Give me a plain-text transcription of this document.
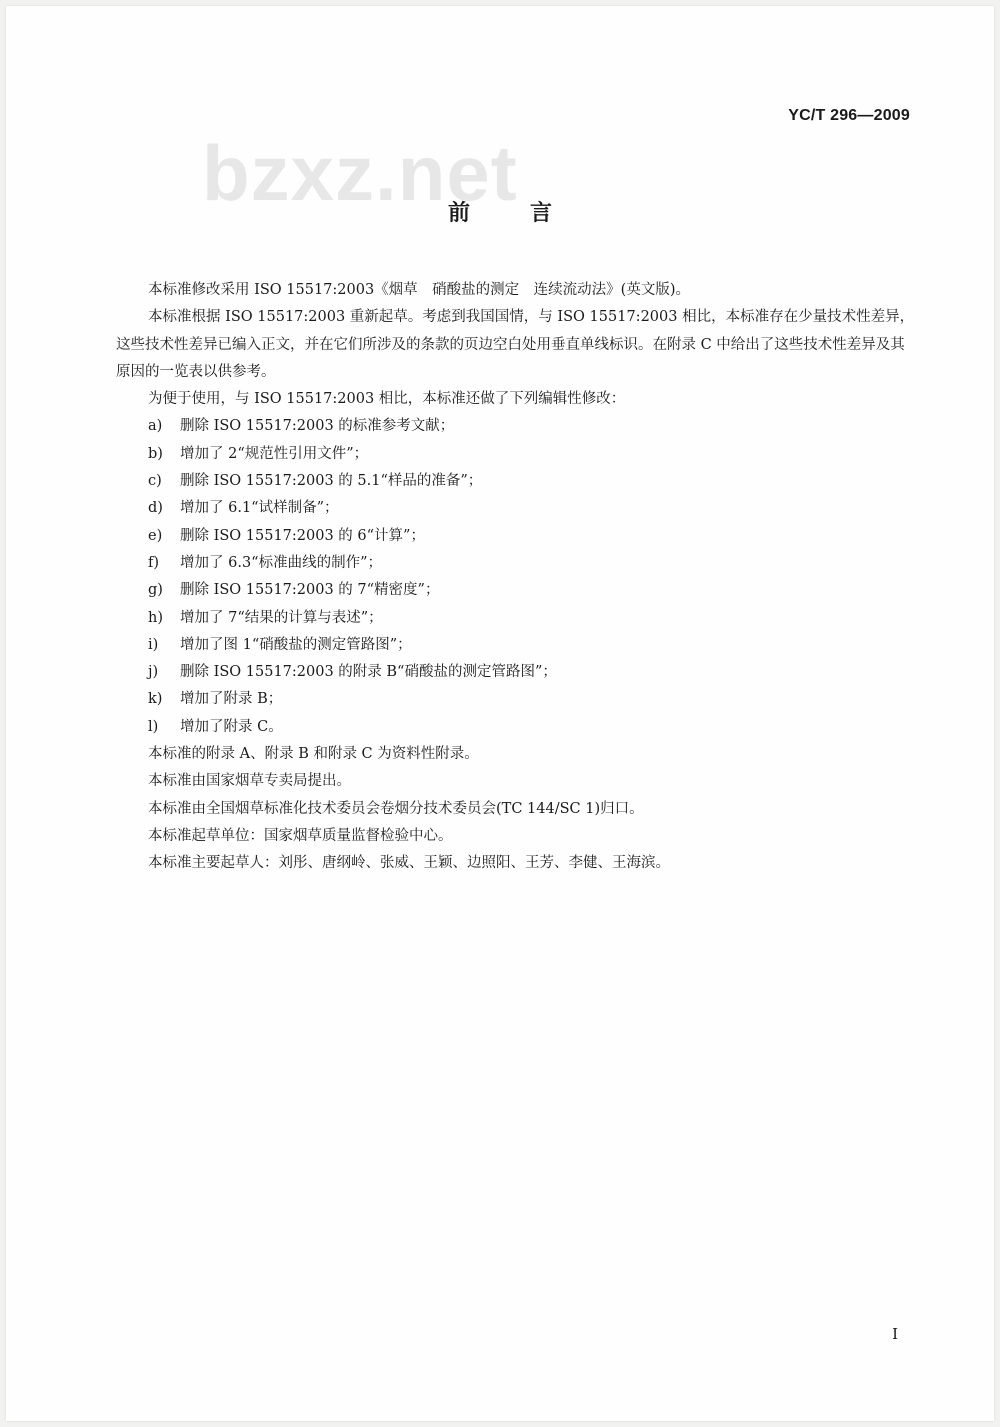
bzxz.net
YC/T 296—2009
前言

本标准修改采用 ISO 15517:2003《烟草　硝酸盐的测定　连续流动法》(英文版)。

本标准根据 ISO 15517:2003 重新起草。考虑到我国国情，与 ISO 15517:2003 相比，本标准存在少量技术性差异，这些技术性差异已编入正文，并在它们所涉及的条款的页边空白处用垂直单线标识。在附录 C 中给出了这些技术性差异及其原因的一览表以供参考。

为便于使用，与 ISO 15517:2003 相比，本标准还做了下列编辑性修改：

a) 删除 ISO 15517:2003 的标准参考文献；

b) 增加了 2“规范性引用文件”；

c) 删除 ISO 15517:2003 的 5.1“样品的准备”；

d) 增加了 6.1“试样制备”；

e) 删除 ISO 15517:2003 的 6“计算”；

f) 增加了 6.3“标准曲线的制作”；

g) 删除 ISO 15517:2003 的 7“精密度”；

h) 增加了 7“结果的计算与表述”；

i) 增加了图 1“硝酸盐的测定管路图”；

j) 删除 ISO 15517:2003 的附录 B“硝酸盐的测定管路图”；

k) 增加了附录 B；

l) 增加了附录 C。

本标准的附录 A、附录 B 和附录 C 为资料性附录。

本标准由国家烟草专卖局提出。

本标准由全国烟草标准化技术委员会卷烟分技术委员会(TC 144/SC 1)归口。

本标准起草单位：国家烟草质量监督检验中心。

本标准主要起草人：刘彤、唐纲岭、张威、王颖、边照阳、王芳、李健、王海滨。

I
